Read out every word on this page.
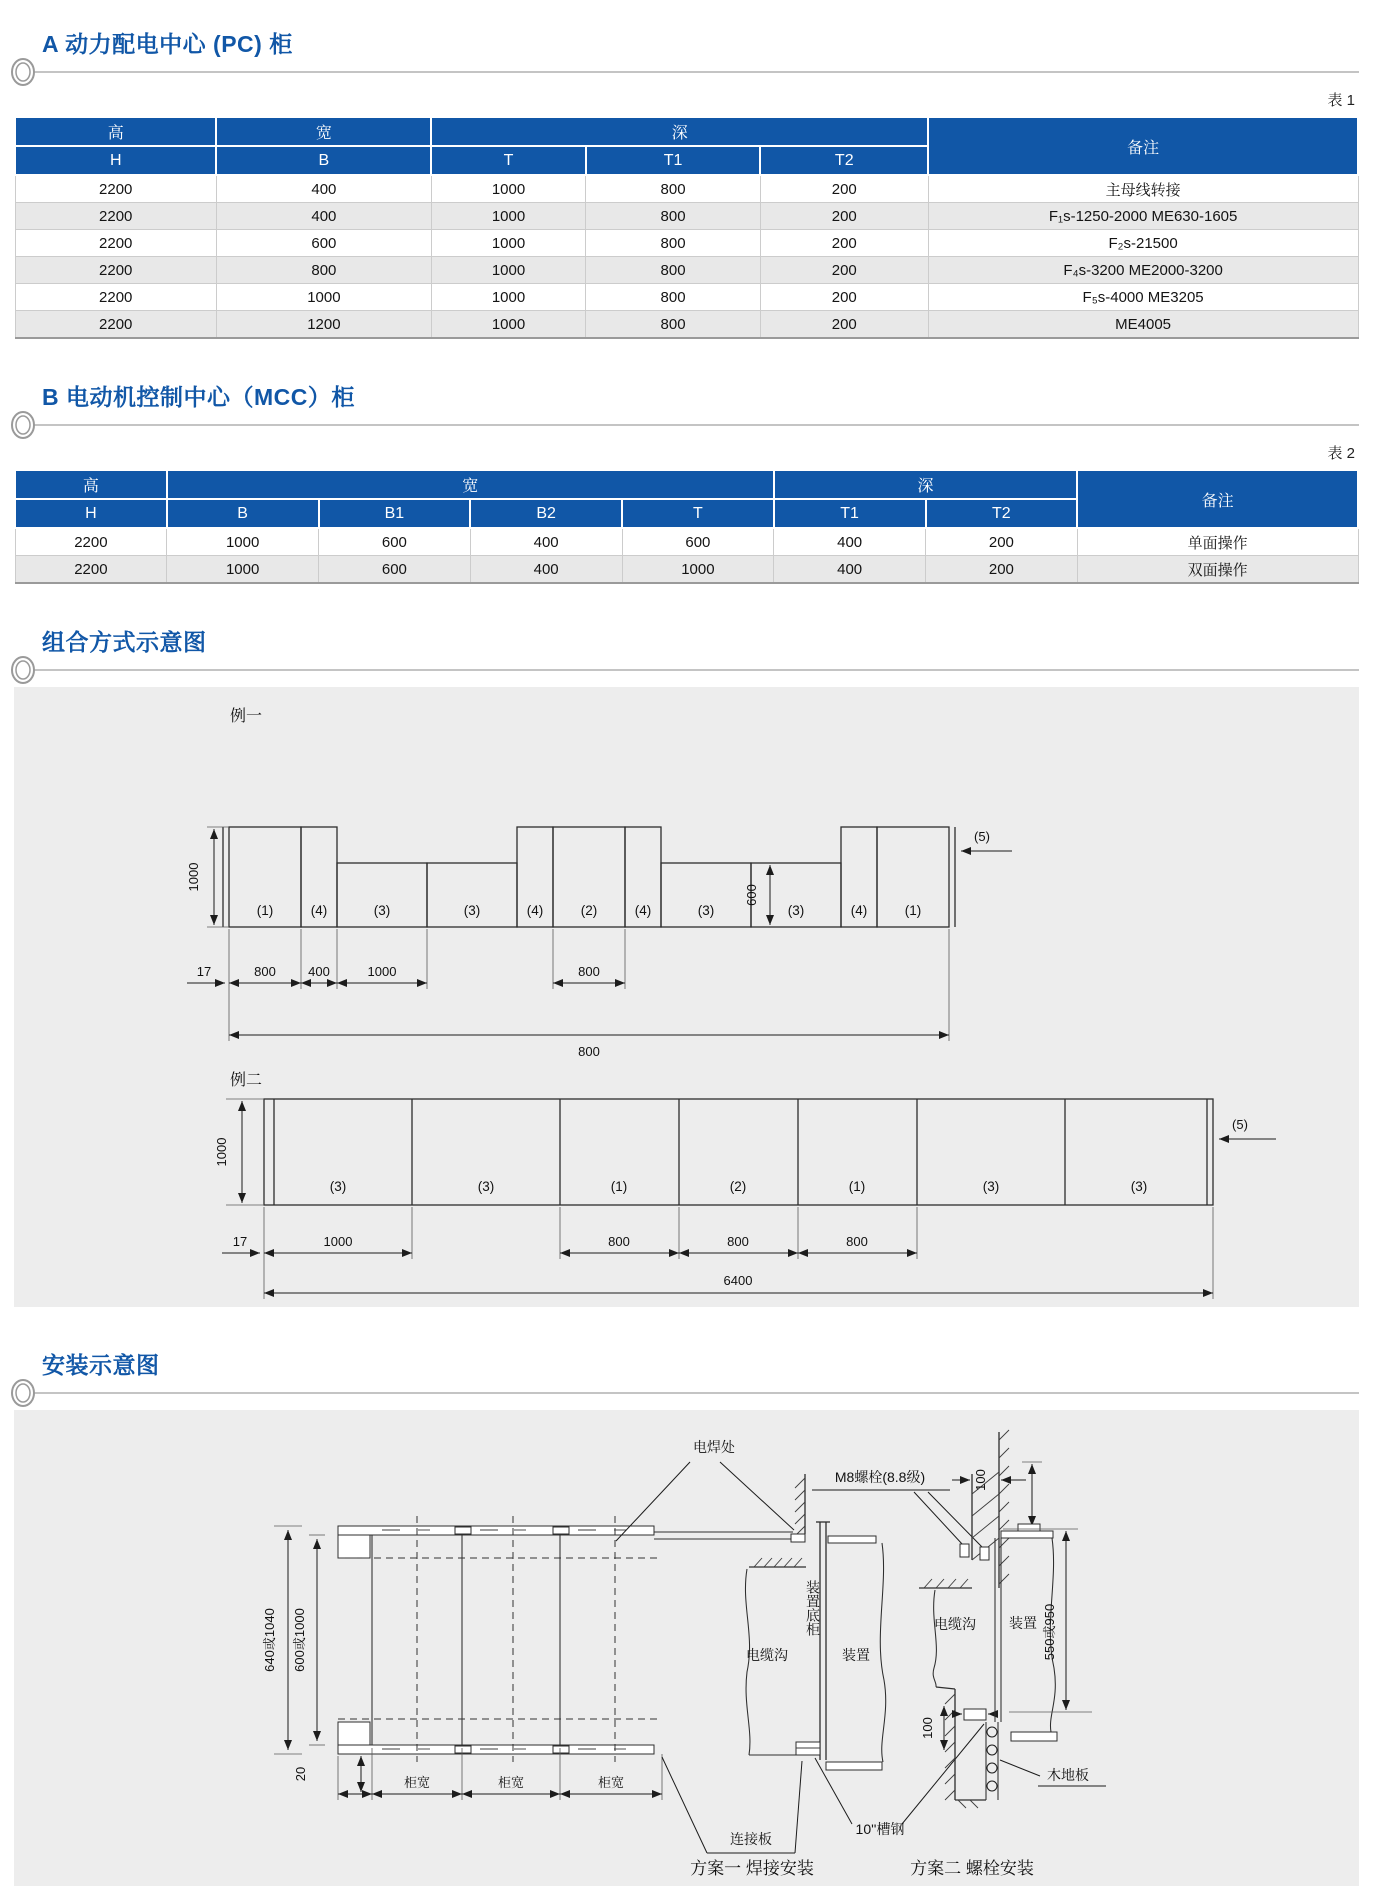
A 动力配电中心 (PC) 柜
表 1
高	宽	深			备注
H	B	T	T1	T2	
2200	400	1000	800	200	主母线转接
2200	400	1000	800	200	F₁s-1250-2000 ME630-1605
2200	600	1000	800	200	F₂s-21500
2200	800	1000	800	200	F₄s-3200 ME2000-3200
2200	1000	1000	800	200	F₅s-4000 ME3205
2200	1200	1000	800	200	ME4005
B 电动机控制中心（MCC）柜
表 2
高	宽				深		备注
H	B	B1	B2	T	T1	T2	
2200	1000	600	400	600	400	200	单面操作
2200	1000	600	400	1000	400	200	双面操作
组合方式示意图
例一
(1)	(4)	(3)	(3)	(4)	(2)	(4)	(3)	(3)	(4)	(1)
1000
600
17	800 400	1000	800
800
(5)
例二
(3)	(3)	(1)	(2)	(1)	(3)	(3)
1000
(5)
17	1000	800	800	800
6400
安装示意图
640或1040 600或1000
20
柜宽	柜宽	柜宽
电焊处
电缆沟
装置底柜
装置
连接板
10''槽钢
方案一 焊接安装
M8螺栓(8.8级)	100
电缆沟 装置 550或950
100
木地板
方案二 螺栓安装
